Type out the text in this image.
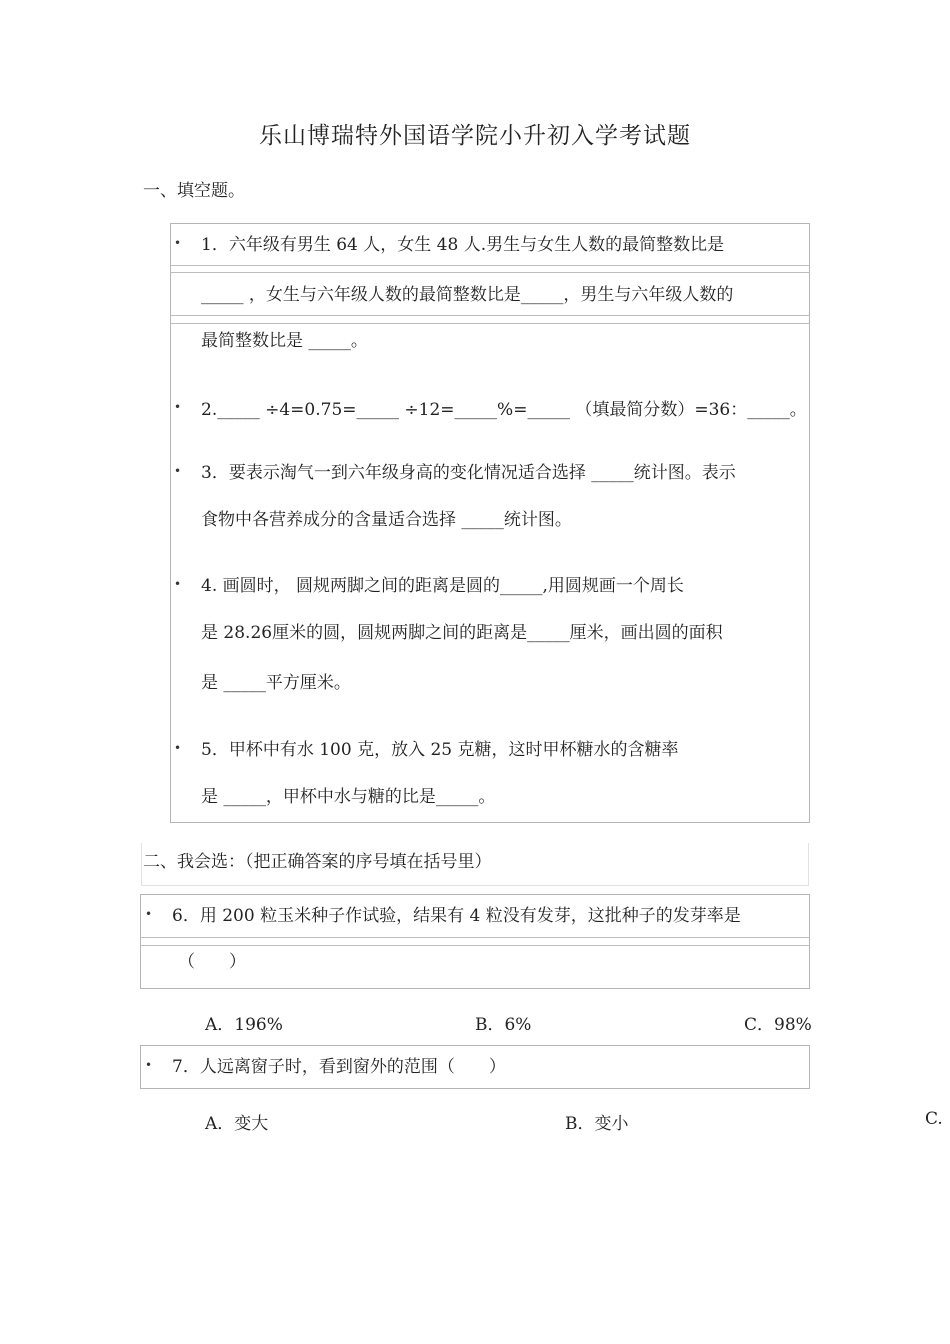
乐山博瑞特外国语学院小升初入学考试题
一、填空题。
• 1．六年级有男生 64 人，女生 48 人.男生与女生人数的最简整数比是
_____ ，女生与六年级人数的最简整数比是_____，男生与六年级人数的
最简整数比是 _____。
• 2._____ ÷4=0.75=_____ ÷12=_____%=_____ （填最简分数）=36：_____。
• 3．要表示淘气一到六年级身高的变化情况适合选择 _____统计图。表示
食物中各营养成分的含量适合选择 _____统计图。
• 4. 画圆时， 圆规两脚之间的距离是圆的_____,用圆规画一个周长
是 28.26厘米的圆，圆规两脚之间的距离是_____厘米，画出圆的面积
是 _____平方厘米。
• 5．甲杯中有水 100 克，放入 25 克糖，这时甲杯糖水的含糖率
是 _____，甲杯中水与糖的比是_____。
二、我会选：（把正确答案的序号填在括号里）
• 6．用 200 粒玉米种子作试验，结果有 4 粒没有发芽，这批种子的发芽率是
（　　）
A．196%	B．6%	C．98%
• 7．人远离窗子时，看到窗外的范围（　　）
A．变大	B．变小	C.
